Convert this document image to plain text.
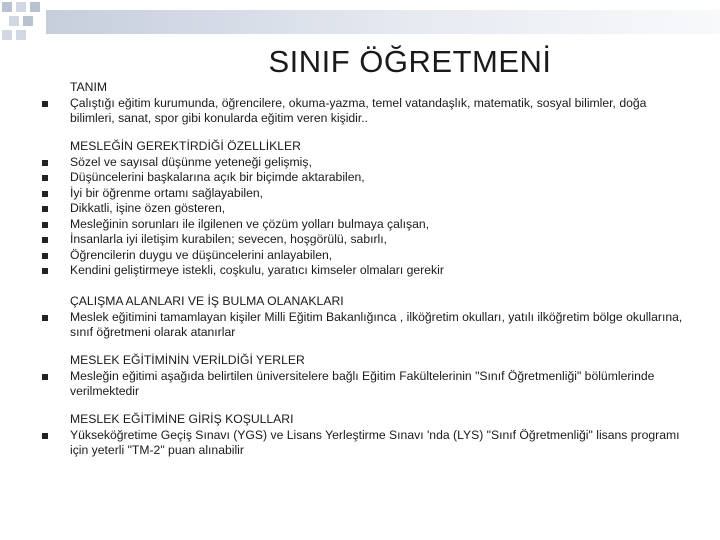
SINIF ÖĞRETMENİ
TANIM
Çalıştığı eğitim kurumunda, öğrencilere, okuma-yazma, temel vatandaşlık, matematik, sosyal bilimler, doğa bilimleri, sanat, spor gibi konularda eğitim veren kişidir..
MESLEĞİN GEREKTİRDİĞİ ÖZELLİKLER
Sözel ve sayısal düşünme yeteneği gelişmiş,
Düşüncelerini başkalarına açık bir biçimde aktarabilen,
İyi bir öğrenme ortamı sağlayabilen,
Dikkatli, işine özen gösteren,
Mesleğinin sorunları ile ilgilenen ve çözüm yolları bulmaya çalışan,
İnsanlarla iyi iletişim kurabilen; sevecen, hoşgörülü, sabırlı,
Öğrencilerin duygu ve düşüncelerini anlayabilen,
Kendini geliştirmeye istekli, coşkulu, yaratıcı kimseler olmaları gerekir
ÇALIŞMA ALANLARI VE İŞ BULMA OLANAKLARI
Meslek eğitimini tamamlayan kişiler Milli Eğitim Bakanlığınca , ilköğretim okulları, yatılı ilköğretim bölge okullarına, sınıf öğretmeni olarak atanırlar
MESLEK EĞİTİMİNİN VERİLDİĞİ YERLER
Mesleğin eğitimi aşağıda belirtilen üniversitelere bağlı Eğitim Fakültelerinin "Sınıf Öğretmenliği" bölümlerinde verilmektedir
MESLEK EĞİTİMİNE GİRİŞ KOŞULLARI
Yükseköğretime Geçiş Sınavı (YGS) ve Lisans Yerleştirme Sınavı 'nda (LYS) "Sınıf Öğretmenliği" lisans programı için yeterli "TM-2" puan alınabilir
